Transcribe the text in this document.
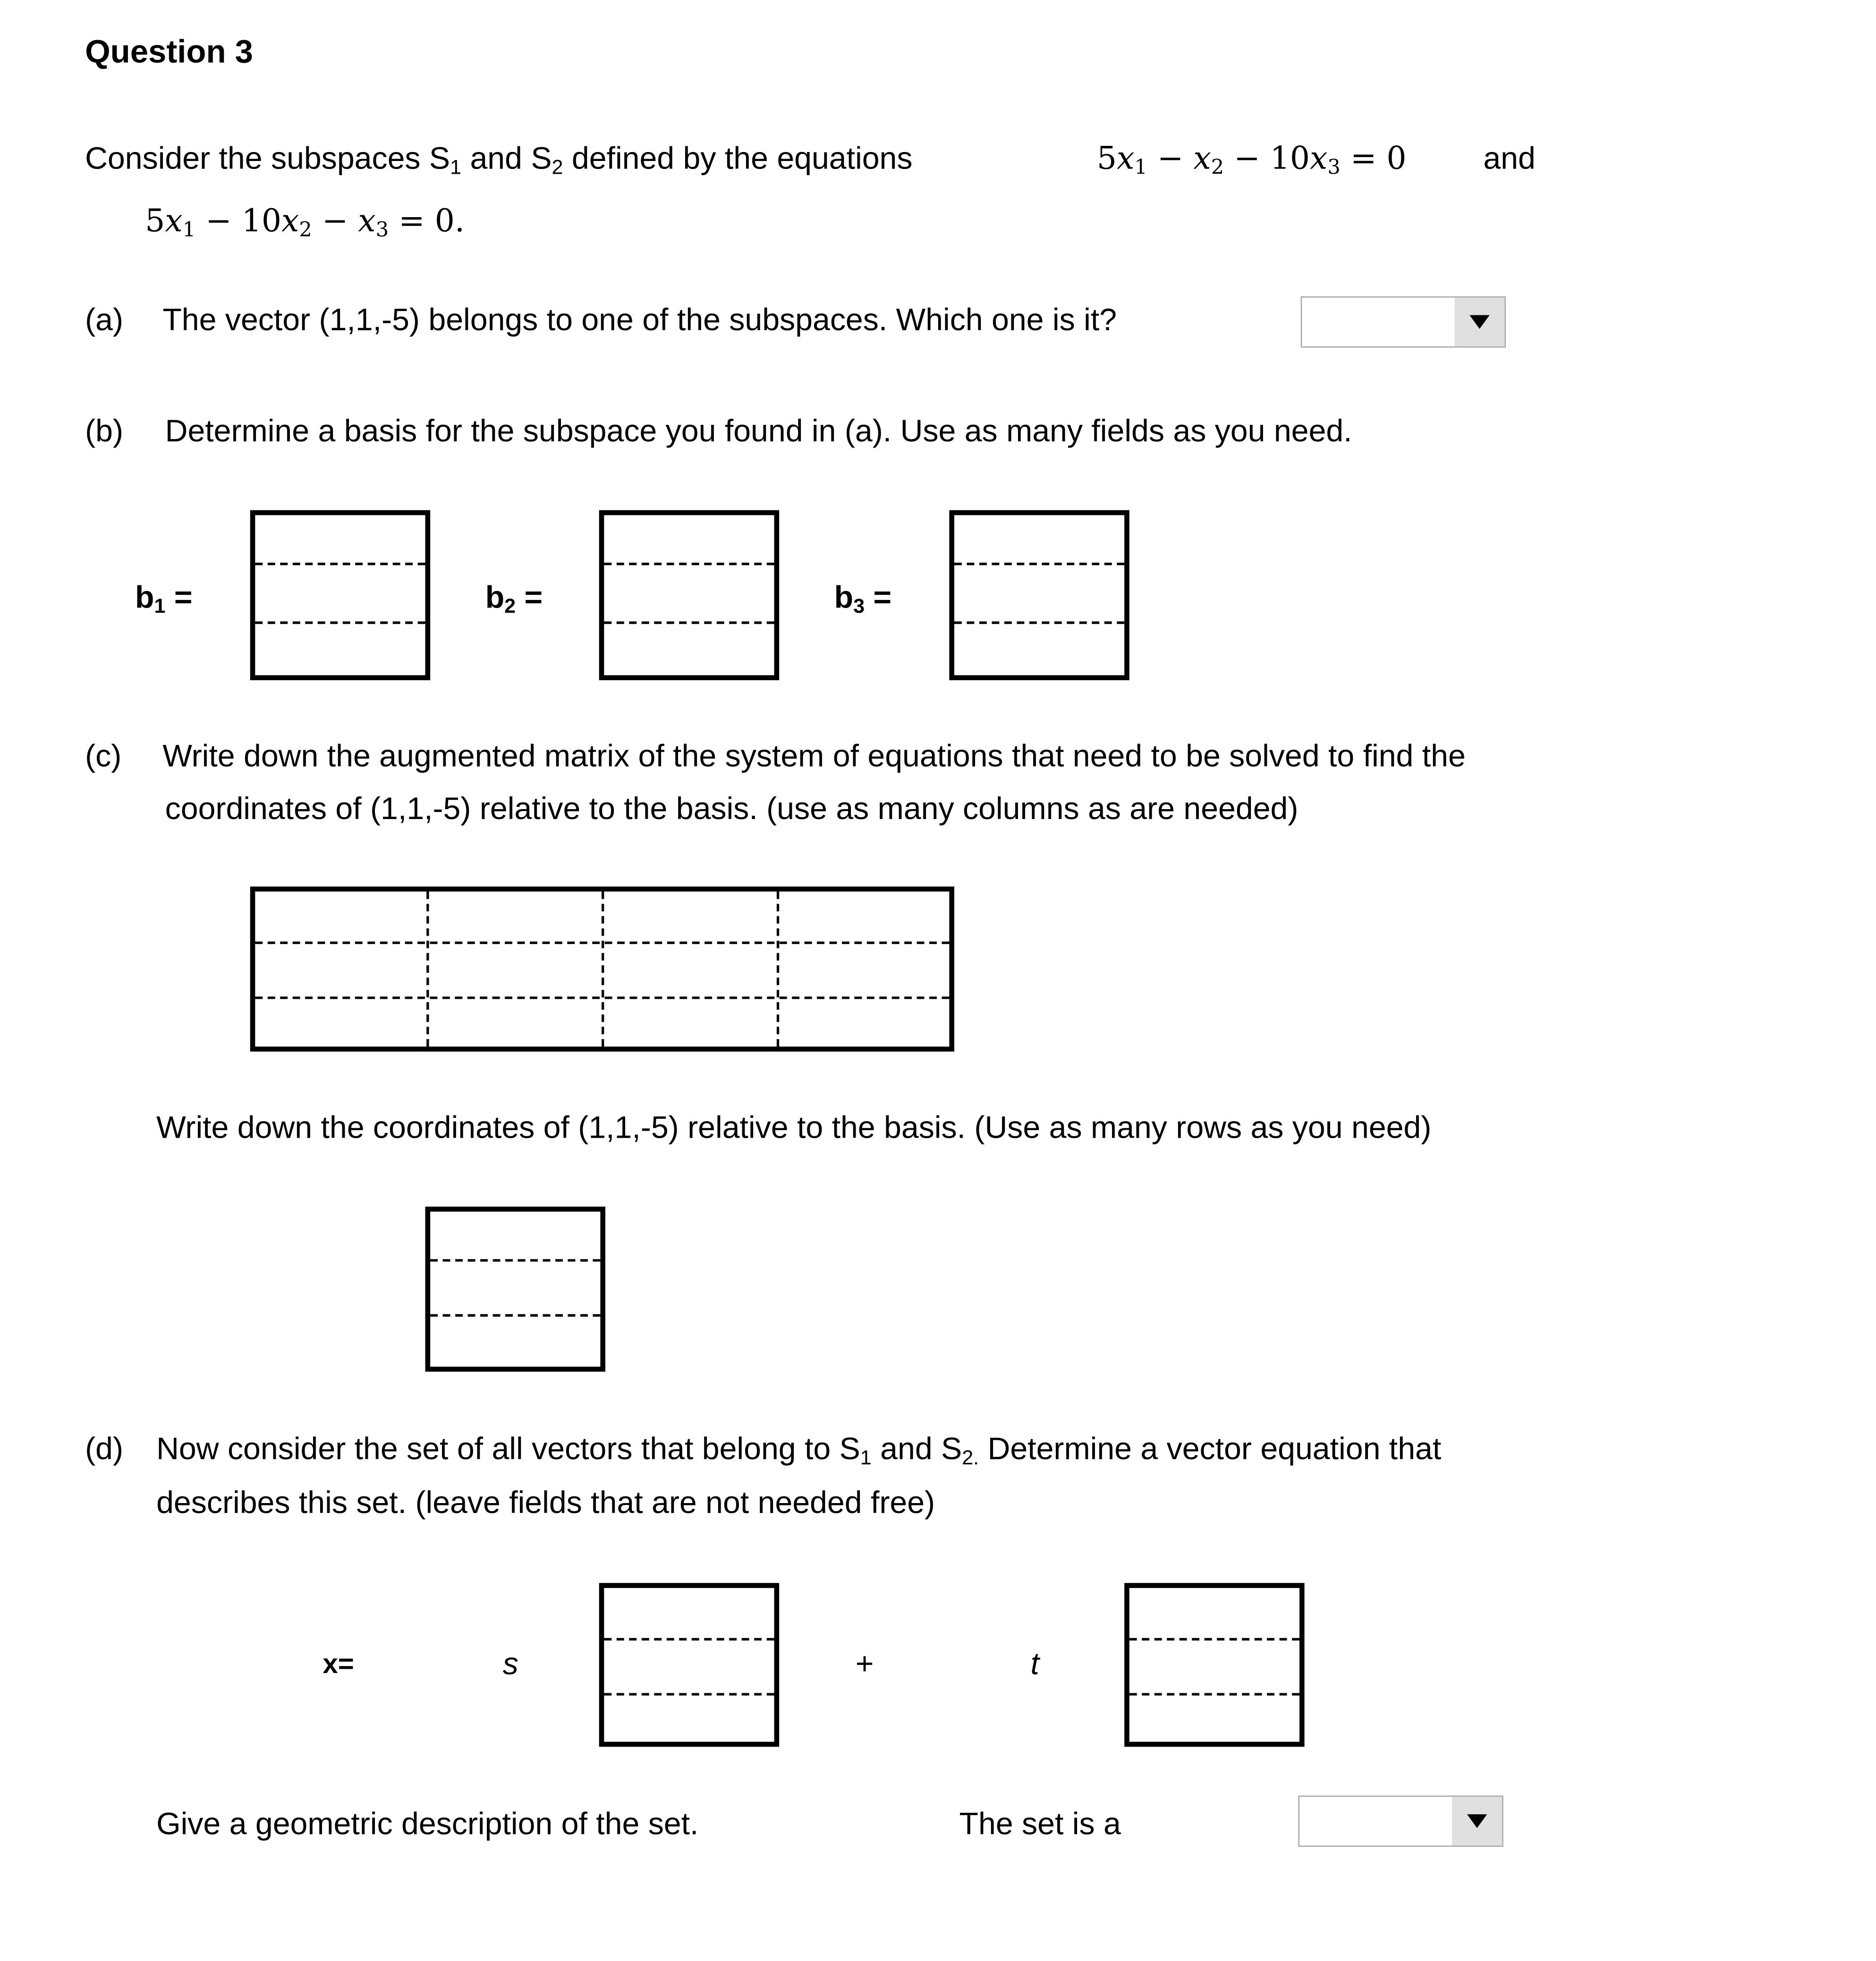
Question 3
Consider the subspaces $S_1$ and $S_2$ defined by the equations	$5x_1 - x_2 - 10x_3 = 0$	and
$5x_1 - 10x_2 - x_3 = 0$.
(a)	The vector (1,1,-5) belongs to one of the subspaces. Which one is it?
(b)	Determine a basis for the subspace you found in (a). Use as many fields as you need.
$b_1$ =	$b_2$ =	$b_3$ =
(c)	Write down the augmented matrix of the system of equations that need to be solved to find the
coordinates of (1,1,-5) relative to the basis. (use as many columns as are needed)
Write down the coordinates of (1,1,-5) relative to the basis. (Use as many rows as you need)
(d)	Now consider the set of all vectors that belong to $S_1$ and $S_{2.}$ Determine a vector equation that
describes this set. (leave fields that are not needed free)
x=	s	+	t
Give a geometric description of the set.	The set is a
